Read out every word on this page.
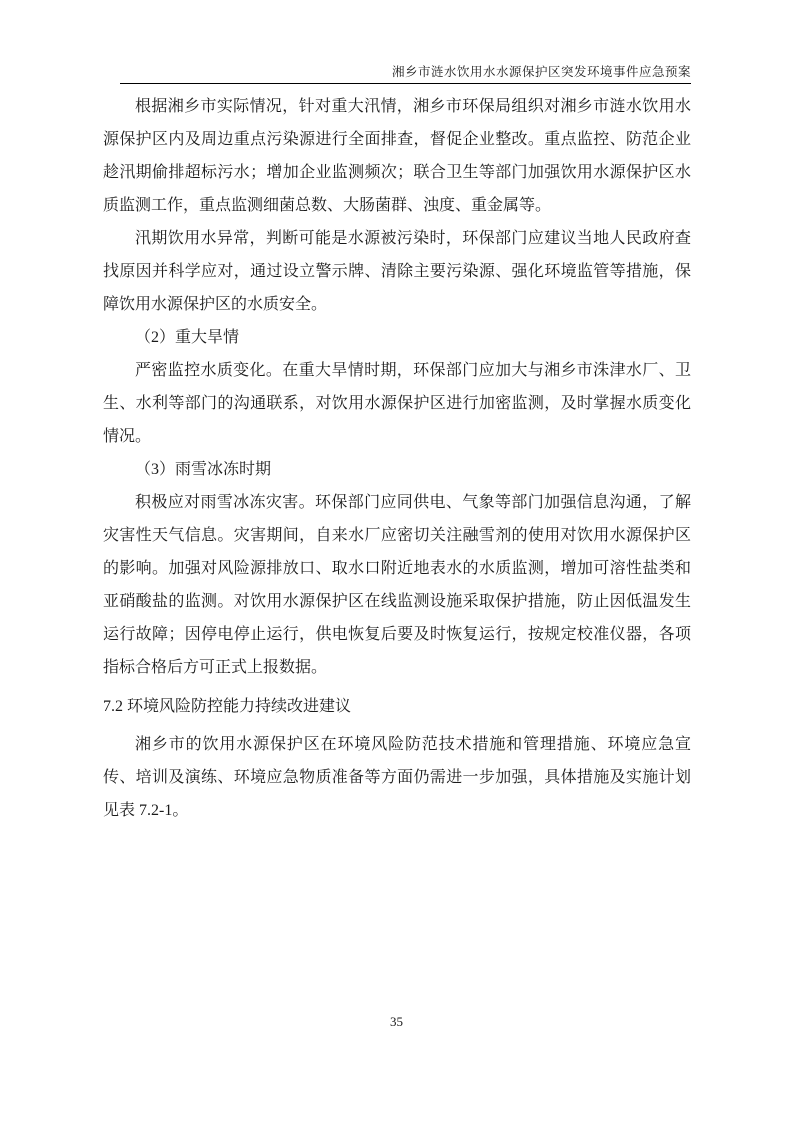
湘乡市涟水饮用水水源保护区突发环境事件应急预案

根据湘乡市实际情况，针对重大汛情，湘乡市环保局组织对湘乡市涟水饮用水源保护区内及周边重点污染源进行全面排查，督促企业整改。重点监控、防范企业趁汛期偷排超标污水；增加企业监测频次；联合卫生等部门加强饮用水源保护区水质监测工作，重点监测细菌总数、大肠菌群、浊度、重金属等。

汛期饮用水异常，判断可能是水源被污染时，环保部门应建议当地人民政府查找原因并科学应对，通过设立警示牌、清除主要污染源、强化环境监管等措施，保障饮用水源保护区的水质安全。

（2）重大旱情

严密监控水质变化。在重大旱情时期，环保部门应加大与湘乡市洙津水厂、卫生、水利等部门的沟通联系，对饮用水源保护区进行加密监测，及时掌握水质变化情况。

（3）雨雪冰冻时期

积极应对雨雪冰冻灾害。环保部门应同供电、气象等部门加强信息沟通，了解灾害性天气信息。灾害期间，自来水厂应密切关注融雪剂的使用对饮用水源保护区的影响。加强对风险源排放口、取水口附近地表水的水质监测，增加可溶性盐类和亚硝酸盐的监测。对饮用水源保护区在线监测设施采取保护措施，防止因低温发生运行故障；因停电停止运行，供电恢复后要及时恢复运行，按规定校准仪器，各项指标合格后方可正式上报数据。

7.2 环境风险防控能力持续改进建议

湘乡市的饮用水源保护区在环境风险防范技术措施和管理措施、环境应急宣传、培训及演练、环境应急物质准备等方面仍需进一步加强，具体措施及实施计划见表 7.2-1。

35
